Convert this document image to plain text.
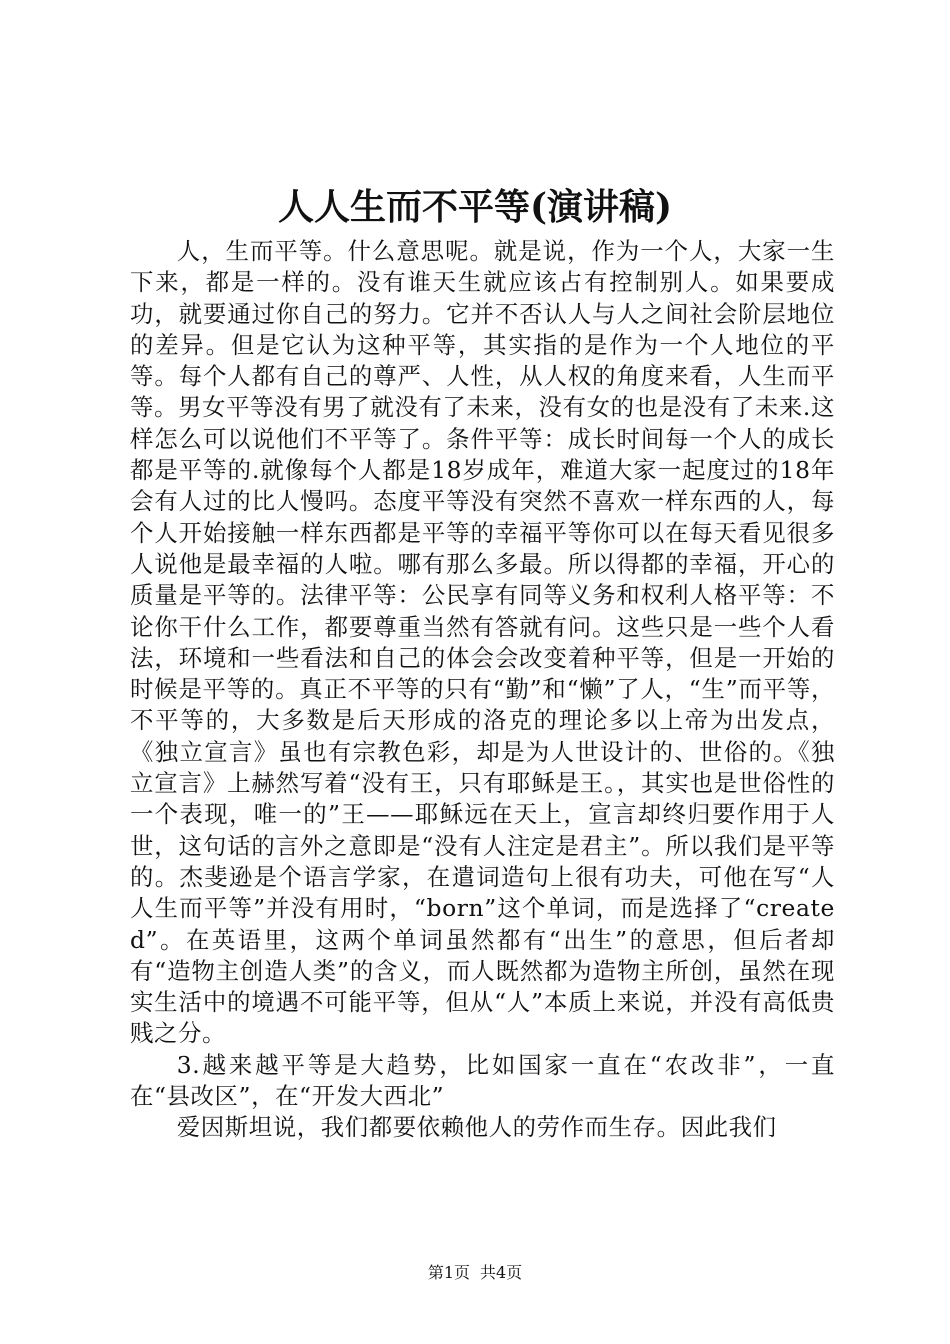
人人生而不平等(演讲稿)

人，生而平等。什么意思呢。就是说，作为一个人，大家一生下来，都是一样的。没有谁天生就应该占有控制别人。如果要成功，就要通过你自己的努力。它并不否认人与人之间社会阶层地位的差异。但是它认为这种平等，其实指的是作为一个人地位的平等。每个人都有自己的尊严、人性，从人权的角度来看，人生而平等。男女平等没有男了就没有了未来，没有女的也是没有了未来.这样怎么可以说他们不平等了。条件平等：成长时间每一个人的成长都是平等的.就像每个人都是18岁成年，难道大家一起度过的18年会有人过的比人慢吗。态度平等没有突然不喜欢一样东西的人，每个人开始接触一样东西都是平等的幸福平等你可以在每天看见很多人说他是最幸福的人啦。哪有那么多最。所以得都的幸福，开心的质量是平等的。法律平等：公民享有同等义务和权利人格平等：不论你干什么工作，都要尊重当然有答就有问。这些只是一些个人看法，环境和一些看法和自己的体会会改变着种平等，但是一开始的时候是平等的。真正不平等的只有“勤”和“懒”了人，“生”而平等，不平等的，大多数是后天形成的洛克的理论多以上帝为出发点，《独立宣言》虽也有宗教色彩，却是为人世设计的、世俗的。《独立宣言》上赫然写着“没有王，只有耶稣是王。，其实也是世俗性的一个表现，唯一的”王——耶稣远在天上，宣言却终归要作用于人世，这句话的言外之意即是“没有人注定是君主”。所以我们是平等的。杰斐逊是个语言学家，在遣词造句上很有功夫，可他在写“人人生而平等”并没有用时，“born”这个单词，而是选择了“created”。在英语里，这两个单词虽然都有“出生”的意思，但后者却有“造物主创造人类”的含义，而人既然都为造物主所创，虽然在现实生活中的境遇不可能平等，但从“人”本质上来说，并没有高低贵贱之分。

3.越来越平等是大趋势，比如国家一直在“农改非”，一直在“县改区”，在“开发大西北”

爱因斯坦说，我们都要依赖他人的劳作而生存。因此我们

第1页 共4页
